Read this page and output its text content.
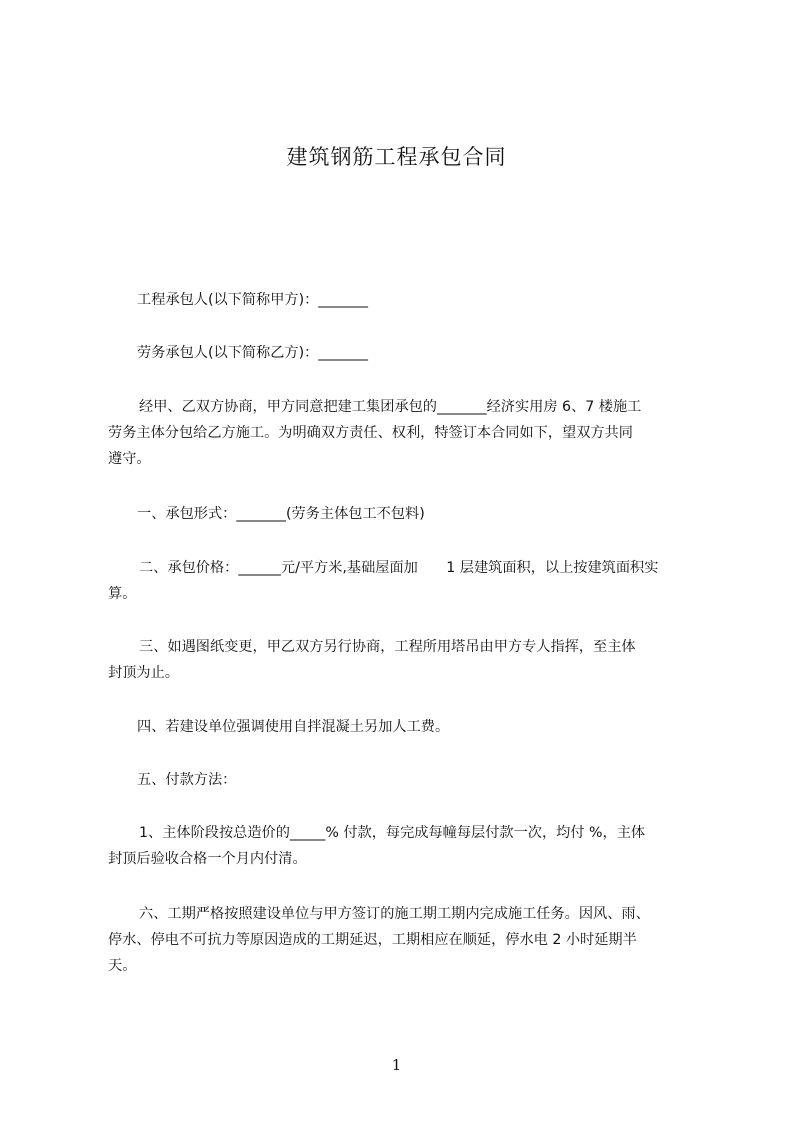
建筑钢筋工程承包合同
工程承包人(以下简称甲方)：_______
劳务承包人(以下简称乙方)：_______
经甲、乙双方协商，甲方同意把建工集团承包的_______经济实用房 6、7 楼施工
劳务主体分包给乙方施工。为明确双方责任、权利，特签订本合同如下，望双方共同
遵守。
一、承包形式：_______(劳务主体包工不包料)
二、承包价格：______元/平方米,基础屋面加　　1 层建筑面积，以上按建筑面积实
算。
三、如遇图纸变更，甲乙双方另行协商，工程所用塔吊由甲方专人指挥，至主体
封顶为止。
四、若建设单位强调使用自拌混凝土另加人工费。
五、付款方法：
1、主体阶段按总造价的_____% 付款，每完成每幢每层付款一次，均付 %，主体
封顶后验收合格一个月内付清。
六、工期严格按照建设单位与甲方签订的施工期工期内完成施工任务。因风、雨、
停水、停电不可抗力等原因造成的工期延迟，工期相应在顺延，停水电 2 小时延期半
天。
1
